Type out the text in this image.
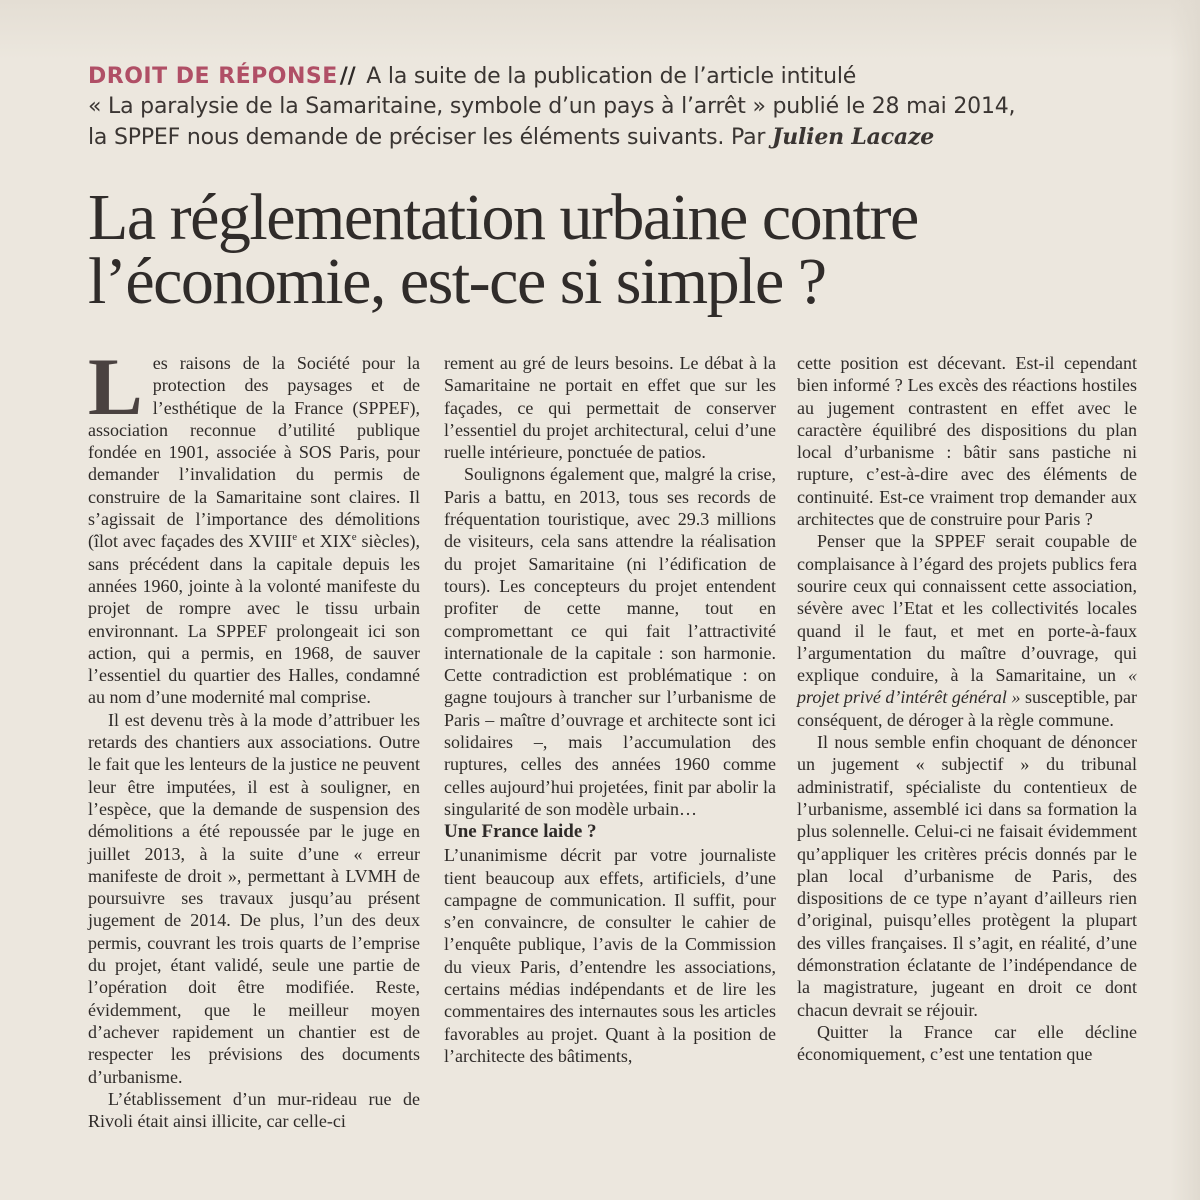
DROIT DE RÉPONSE// A la suite de la publication de l’article intitulé
« La paralysie de la Samaritaine, symbole d’un pays à l’arrêt » publié le 28 mai 2014,
la SPPEF nous demande de préciser les éléments suivants. Par Julien Lacaze
La réglementation urbaine contre
l’économie, est-ce si simple ?

Les raisons de la Société pour la protection des paysages et de l’esthétique de la France (SPPEF), association reconnue d’utilité publique fondée en 1901, associée à SOS Paris, pour demander l’invalidation du permis de construire de la Samaritaine sont claires. Il s’agissait de l’importance des démolitions (îlot avec façades des XVIIIe et XIXe siècles), sans précédent dans la capitale depuis les années 1960, jointe à la volonté manifeste du projet de rompre avec le tissu urbain environnant. La SPPEF prolongeait ici son action, qui a permis, en 1968, de sauver l’essentiel du quartier des Halles, condamné au nom d’une modernité mal comprise.

Il est devenu très à la mode d’attribuer les retards des chantiers aux associations. Outre le fait que les lenteurs de la justice ne peuvent leur être imputées, il est à souligner, en l’espèce, que la demande de suspension des démolitions a été repoussée par le juge en juillet 2013, à la suite d’une « erreur manifeste de droit », permettant à LVMH de poursuivre ses travaux jusqu’au présent jugement de 2014. De plus, l’un des deux permis, couvrant les trois quarts de l’emprise du projet, étant validé, seule une partie de l’opération doit être modifiée. Reste, évidemment, que le meilleur moyen d’achever rapidement un chantier est de respecter les prévisions des documents d’urbanisme.

L’établissement d’un mur-rideau rue de Rivoli était ainsi illicite, car celle-ci

rement au gré de leurs besoins. Le débat à la Samaritaine ne portait en effet que sur les façades, ce qui permettait de conserver l’essentiel du projet architectural, celui d’une ruelle intérieure, ponctuée de patios.

Soulignons également que, malgré la crise, Paris a battu, en 2013, tous ses records de fréquentation touristique, avec 29.3 millions de visiteurs, cela sans attendre la réalisation du projet Samaritaine (ni l’édification de tours). Les concepteurs du projet entendent profiter de cette manne, tout en compromettant ce qui fait l’attractivité internationale de la capitale : son harmonie. Cette contradiction est problématique : on gagne toujours à trancher sur l’urbanisme de Paris – maître d’ouvrage et architecte sont ici solidaires –, mais l’accumulation des ruptures, celles des années 1960 comme celles aujourd’hui projetées, finit par abolir la singularité de son modèle urbain…

Une France laide ?

L’unanimisme décrit par votre journaliste tient beaucoup aux effets, artificiels, d’une campagne de communication. Il suffit, pour s’en convaincre, de consulter le cahier de l’enquête publique, l’avis de la Commission du vieux Paris, d’entendre les associations, certains médias indépendants et de lire les commentaires des internautes sous les articles favorables au projet. Quant à la position de l’architecte des bâtiments,

cette position est décevant. Est-il cependant bien informé ? Les excès des réactions hostiles au jugement contrastent en effet avec le caractère équilibré des dispositions du plan local d’urbanisme : bâtir sans pastiche ni rupture, c’est-à-dire avec des éléments de continuité. Est-ce vraiment trop demander aux architectes que de construire pour Paris ?

Penser que la SPPEF serait coupable de complaisance à l’égard des projets publics fera sourire ceux qui connaissent cette association, sévère avec l’Etat et les collectivités locales quand il le faut, et met en porte-à-faux l’argumentation du maître d’ouvrage, qui explique conduire, à la Samaritaine, un « projet privé d’intérêt général » susceptible, par conséquent, de déroger à la règle commune.

Il nous semble enfin choquant de dénoncer un jugement « subjectif » du tribunal administratif, spécialiste du contentieux de l’urbanisme, assemblé ici dans sa formation la plus solennelle. Celui-ci ne faisait évidemment qu’appliquer les critères précis donnés par le plan local d’urbanisme de Paris, des dispositions de ce type n’ayant d’ailleurs rien d’original, puisqu’elles protègent la plupart des villes françaises. Il s’agit, en réalité, d’une démonstration éclatante de l’indépendance de la magistrature, jugeant en droit ce dont chacun devrait se réjouir.

Quitter la France car elle décline économiquement, c’est une tentation que
